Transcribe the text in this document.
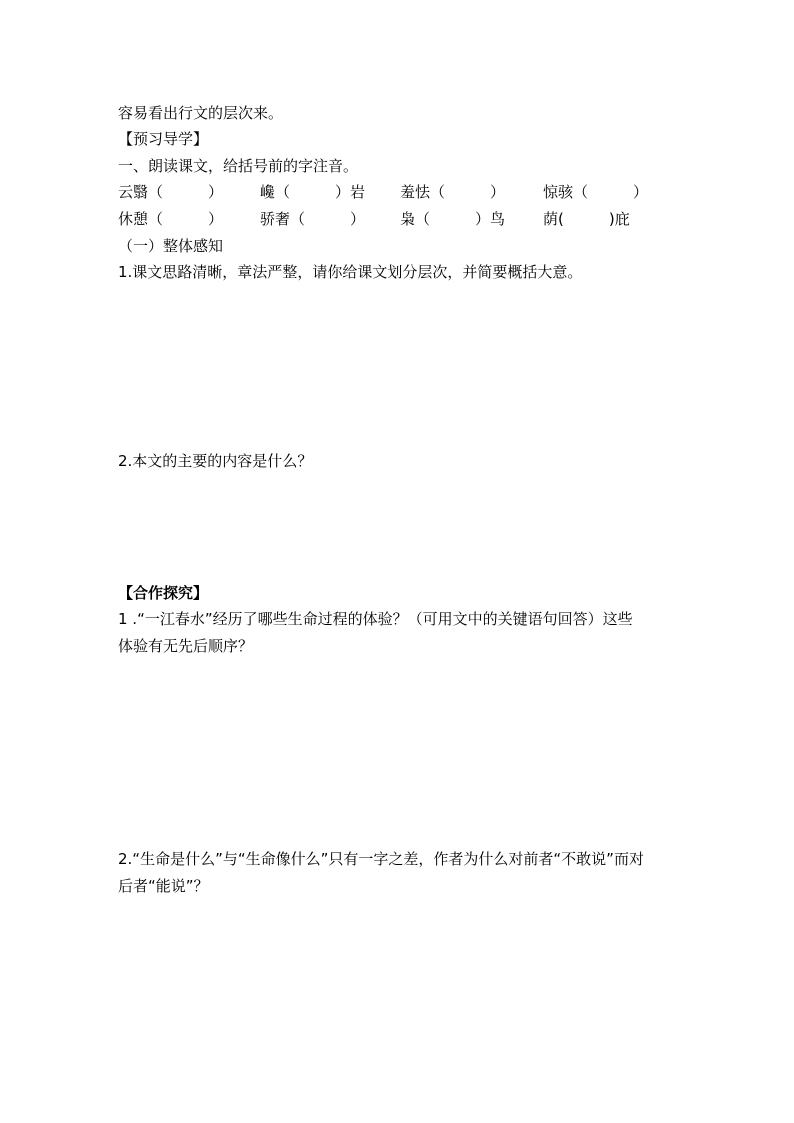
容易看出行文的层次来。
【预习导学】
一、朗读课文，给括号前的字注音。
云翳（　　　） 巉（　　　）岩 羞怯（　　　）	惊骇（　　　）
休憩（　　　） 骄奢（　　　） 枭（　　　）鸟	荫(　　　)庇
（一）整体感知
1.课文思路清晰，章法严整，请你给课文划分层次，并简要概括大意。
2.本文的主要的内容是什么？
【合作探究】
1 .“一江春水”经历了哪些生命过程的体验？（可用文中的关键语句回答）这些
体验有无先后顺序？
2.“生命是什么”与“生命像什么”只有一字之差，作者为什么对前者“不敢说”而对
后者“能说”？
